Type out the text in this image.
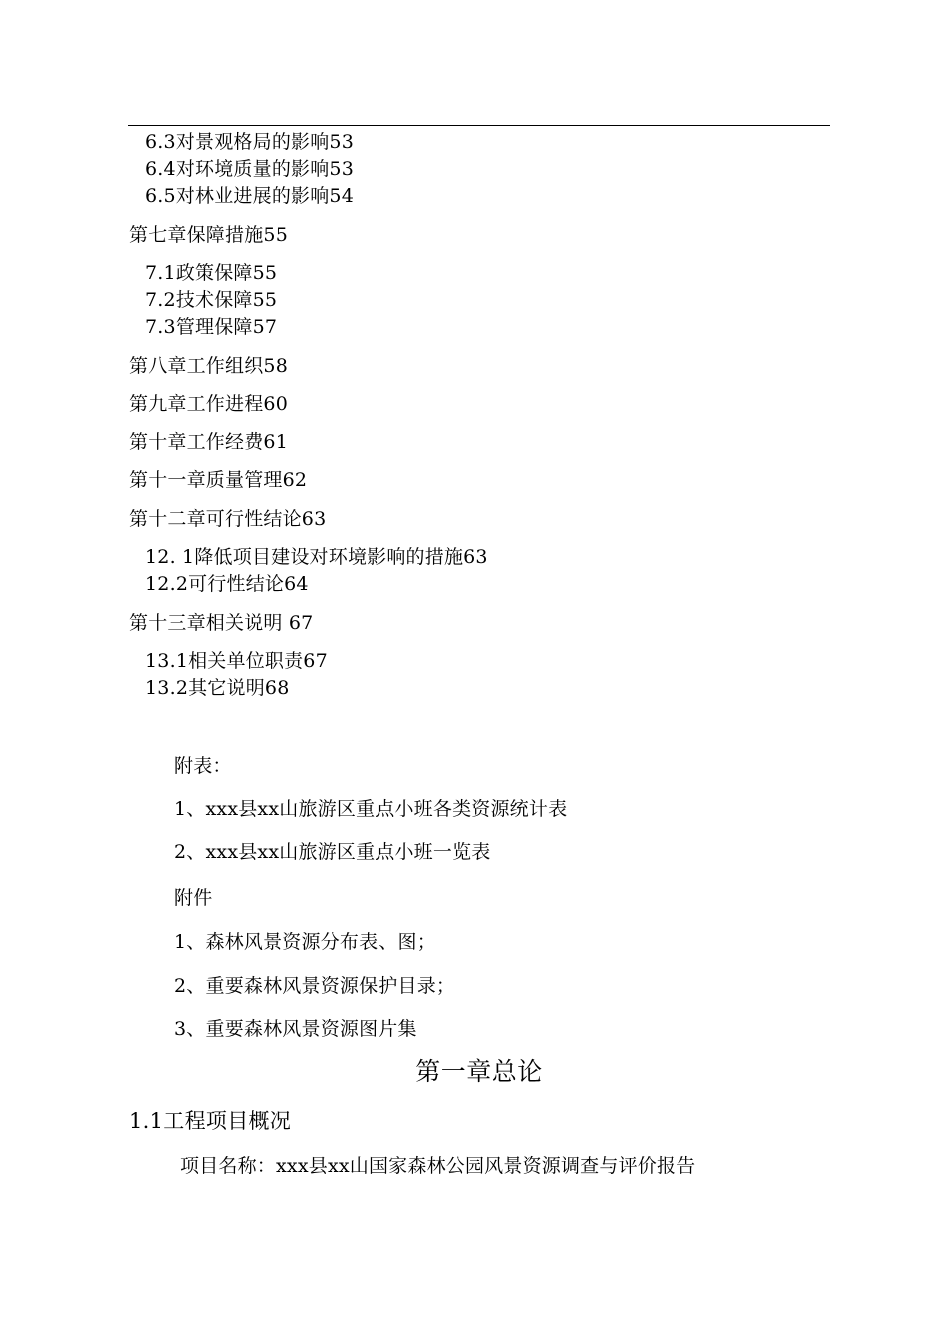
6.3对景观格局的影响53
6.4对环境质量的影响53
6.5对林业进展的影响54
第七章保障措施55
7.1政策保障55
7.2技术保障55
7.3管理保障57
第八章工作组织58
第九章工作进程60
第十章工作经费61
第十一章质量管理62
第十二章可行性结论63
12. 1降低项目建设对环境影响的措施63
12.2可行性结论64
第十三章相关说明 67
13.1相关单位职责67
13.2其它说明68
附表：
1、xxx县xx山旅游区重点小班各类资源统计表
2、xxx县xx山旅游区重点小班一览表
附件
1、森林风景资源分布表、图；
2、重要森林风景资源保护目录；
3、重要森林风景资源图片集
第一章总论
1.1工程项目概况
项目名称：xxx县xx山国家森林公园风景资源调查与评价报告
